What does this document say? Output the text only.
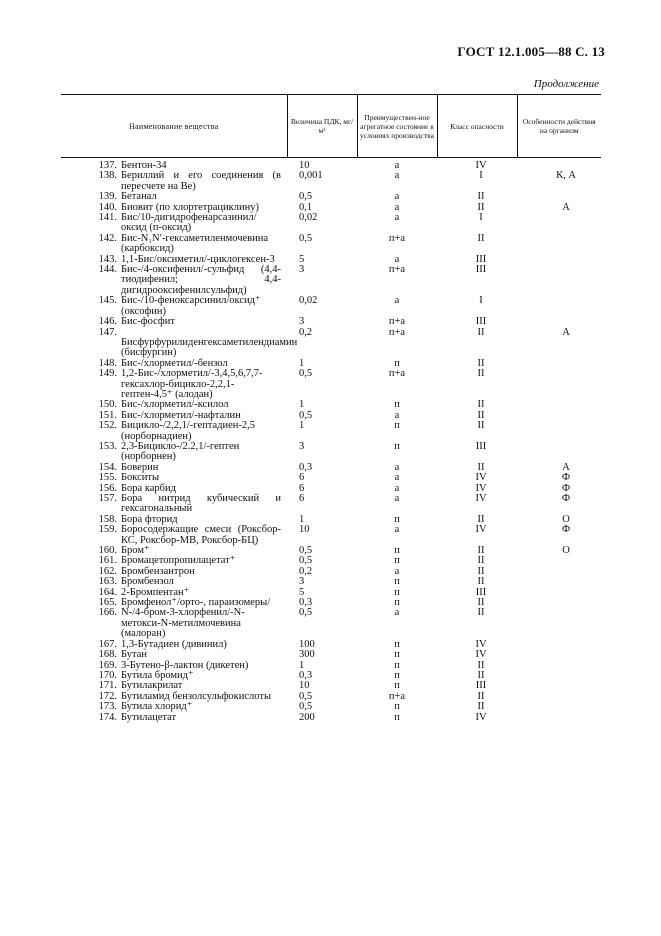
ГОСТ 12.1.005—88 С. 13
Продолжение
Наименование вещества	Величина ПДК, мг/м³	Преимуществен-ное агрегатное состояние в условиях производства	Класс опасности	Особенности действия на организм
137. Бентон-34	10	а	IV	
138. Бериллий и его соединения (в пересчете на Be)	0,001	а	I	К, А
139. Бетанал	0,5	а	II	
140. Биовит (по хлортетрациклину)	0,1	а	II	А
141. Бис/10-дигидрофенарсазинил/оксид (п-оксид)	0,02	а	I	
142. Бис-N₁N′-гексаметиленмочевина (карбоксид)	0,5	п+а	II	
143. 1,1-Бис/оксиметил/-циклогексен-3	5	а	III	
144. Бис-/4-оксифенил/-сульфид (4,4-тиодифенил; 4,4-дигидрооксифенилсульфид)	3	п+а	III	
145. Бис-/10-феноксарсинил/оксид⁺ (оксофин)	0,02	а	I	
146. Бис-фосфит	3	п+а	III	
147.Бисфурфурилиденгексаметилендиамин (бисфургин)	0,2	п+а	II	А
148. Бис-/хлорметил/-бензол	1	п	II	
149. 1,2-Бис-/хлорметил/-3,4,5,6,7,7-гексахлор-бицикло-2,2,1-гептен-4,5⁺ (алодан)	0,5	п+а	II	
150. Бис-/хлорметил/-ксилол	1	п	II	
151. Бис-/хлорметил/-нафталин	0,5	а	II	
152. Бицикло-/2,2,1/-гептадиен-2,5 (норборнадиен)	1	п	II	
153. 2,3-Бицикло-/2.2,1/-гептен (норборнен)	3	п	III	
154. Боверин	0,3	а	II	А
155. Бокситы	6	а	IV	Ф
156. Бора карбид	6	а	IV	Ф
157. Бора нитрид кубический и гексагональный	6	а	IV	Ф
158. Бора фторид	1	п	II	О
159. Боросодержащие смеси (Роксбор-КС, Роксбор-МВ, Роксбор-БЦ)	10	а	IV	Ф
160. Бром⁺	0,5	п	II	О
161. Бромацетопропилацетат⁺	0,5	п	II	
162. Бромбензантрон	0,2	а	II	
163. Бромбензол	3	п	II	
164. 2-Бромпентан⁺	5	п	III	
165. Бромфенол⁺/орто-, параизомеры/	0,3	п	II	
166. N-/4-бром-3-хлорфенил/-N-метокси-N-метилмочевина (малоран)	0,5	а	II	
167. 1,3-Бутадиен (дивинил)	100	п	IV	
168. Бутан	300	п	IV	
169. 3-Бутено-β-лактон (дикетен)	1	п	II	
170. Бутила бромид⁺	0,3	п	II	
171. Бутилакрилат	10	п	III	
172. Бутиламид бензолсульфокислоты	0,5	п+а	II	
173. Бутила хлорид⁺	0,5	п	II	
174. Бутилацетат	200	п	IV	
